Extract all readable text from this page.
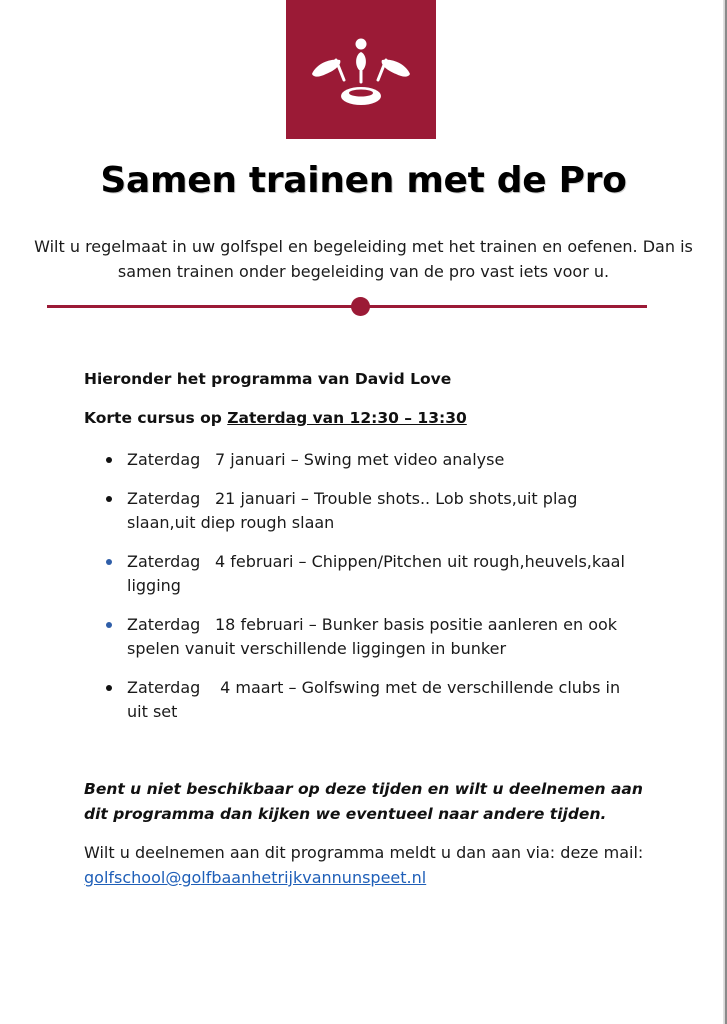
Samen trainen met de Pro
Wilt u regelmaat in uw golfspel en begeleiding met het trainen en oefenen. Dan is samen trainen onder begeleiding van de pro vast iets voor u.
Hieronder het programma van David Love
Korte cursus op Zaterdag van 12:30 – 13:30
Zaterdag 7 januari – Swing met video analyse
Zaterdag 21 januari – Trouble shots.. Lob shots,uit plag slaan,uit diep rough slaan
Zaterdag 4 februari – Chippen/Pitchen uit rough,heuvels,kaal ligging
Zaterdag 18 februari – Bunker basis positie aanleren en ook spelen vanuit verschillende liggingen in bunker
Zaterdag 4 maart – Golfswing met de verschillende clubs in uit set
Bent u niet beschikbaar op deze tijden en wilt u deelnemen aan dit programma dan kijken we eventueel naar andere tijden.
Wilt u deelnemen aan dit programma meldt u dan aan via: deze mail:
golfschool@golfbaanhetrijkvannunspeet.nl
